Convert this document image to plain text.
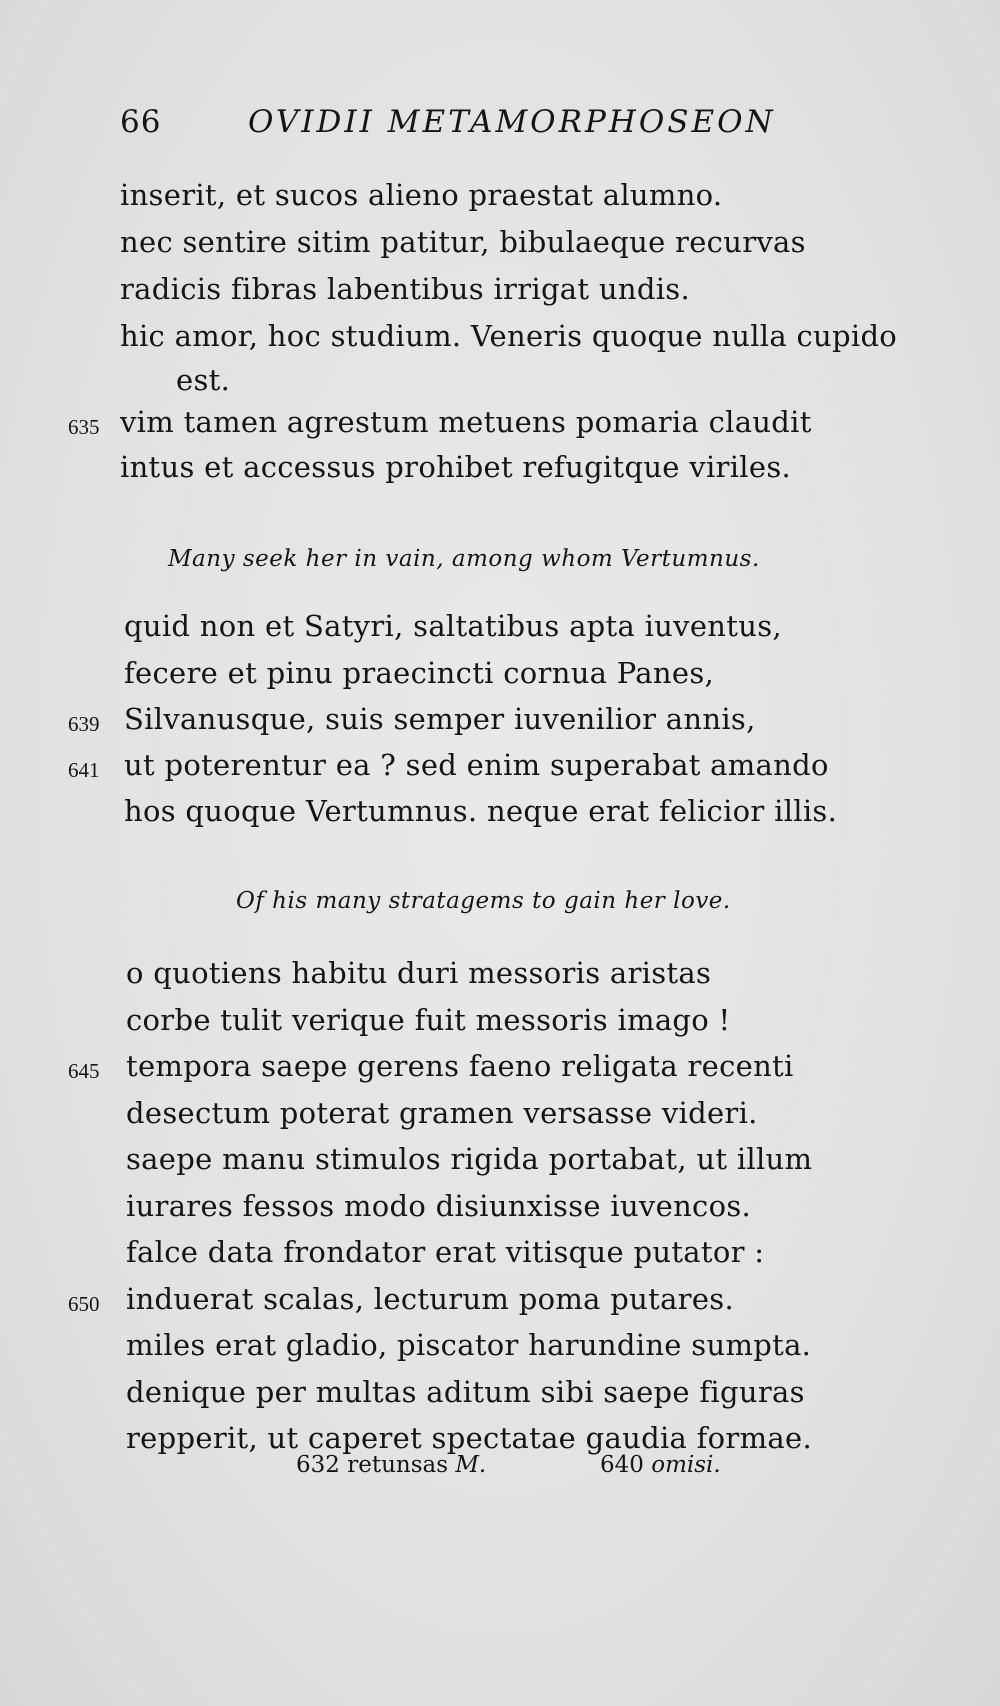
66	OVIDII METAMORPHOSEON
inserit, et sucos alieno praestat alumno.
nec sentire sitim patitur, bibulaeque recurvas
radicis fibras labentibus irrigat undis.
hic amor, hoc studium. Veneris quoque nulla cupido
est.
635 vim tamen agrestum metuens pomaria claudit
intus et accessus prohibet refugitque viriles.
Many seek her in vain, among whom Vertumnus.
quid non et Satyri, saltatibus apta iuventus,
fecere et pinu praecincti cornua Panes,
639 Silvanusque, suis semper iuvenilior annis,
641 ut poterentur ea ? sed enim superabat amando
hos quoque Vertumnus. neque erat felicior illis.
Of his many stratagems to gain her love.
o quotiens habitu duri messoris aristas
corbe tulit verique fuit messoris imago !
645 tempora saepe gerens faeno religata recenti
desectum poterat gramen versasse videri.
saepe manu stimulos rigida portabat, ut illum
iurares fessos modo disiunxisse iuvencos.
falce data frondator erat vitisque putator :
650 induerat scalas, lecturum poma putares.
miles erat gladio, piscator harundine sumpta.
denique per multas aditum sibi saepe figuras
repperit, ut caperet spectatae gaudia formae.
632 retunsas M.	640 omisi.
